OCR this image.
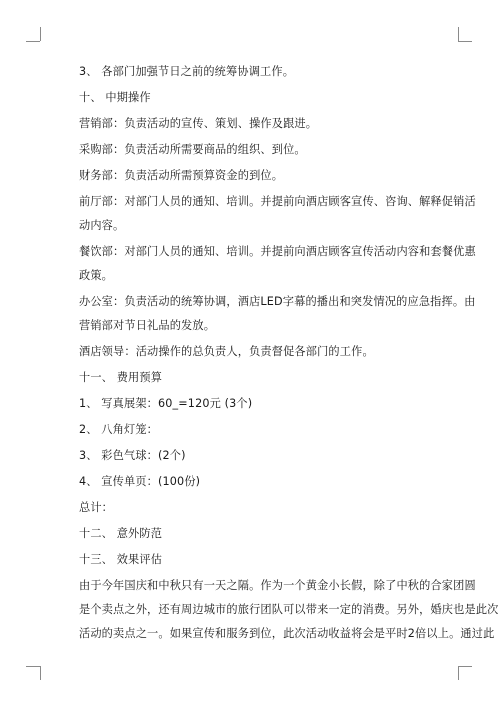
3、 各部门加强节日之前的统筹协调工作。
十、 中期操作
营销部：负责活动的宣传、策划、操作及跟进。
采购部：负责活动所需要商品的组织、到位。
财务部：负责活动所需预算资金的到位。
前厅部：对部门人员的通知、培训。并提前向酒店顾客宣传、咨询、解释促销活
动内容。
餐饮部：对部门人员的通知、培训。并提前向酒店顾客宣传活动内容和套餐优惠
政策。
办公室：负责活动的统筹协调，酒店LED字幕的播出和突发情况的应急指挥。由
营销部对节日礼品的发放。
酒店领导：活动操作的总负责人，负责督促各部门的工作。
十一、 费用预算
1、 写真展架：60_=120元 (3个)
2、 八角灯笼：
3、 彩色气球：(2个)
4、 宣传单页：(100份)
总计：
十二、 意外防范
十三、 效果评估
由于今年国庆和中秋只有一天之隔。作为一个黄金小长假，除了中秋的合家团圆
是个卖点之外，还有周边城市的旅行团队可以带来一定的消费。另外，婚庆也是此次
活动的卖点之一。如果宣传和服务到位，此次活动收益将会是平时2倍以上。通过此
